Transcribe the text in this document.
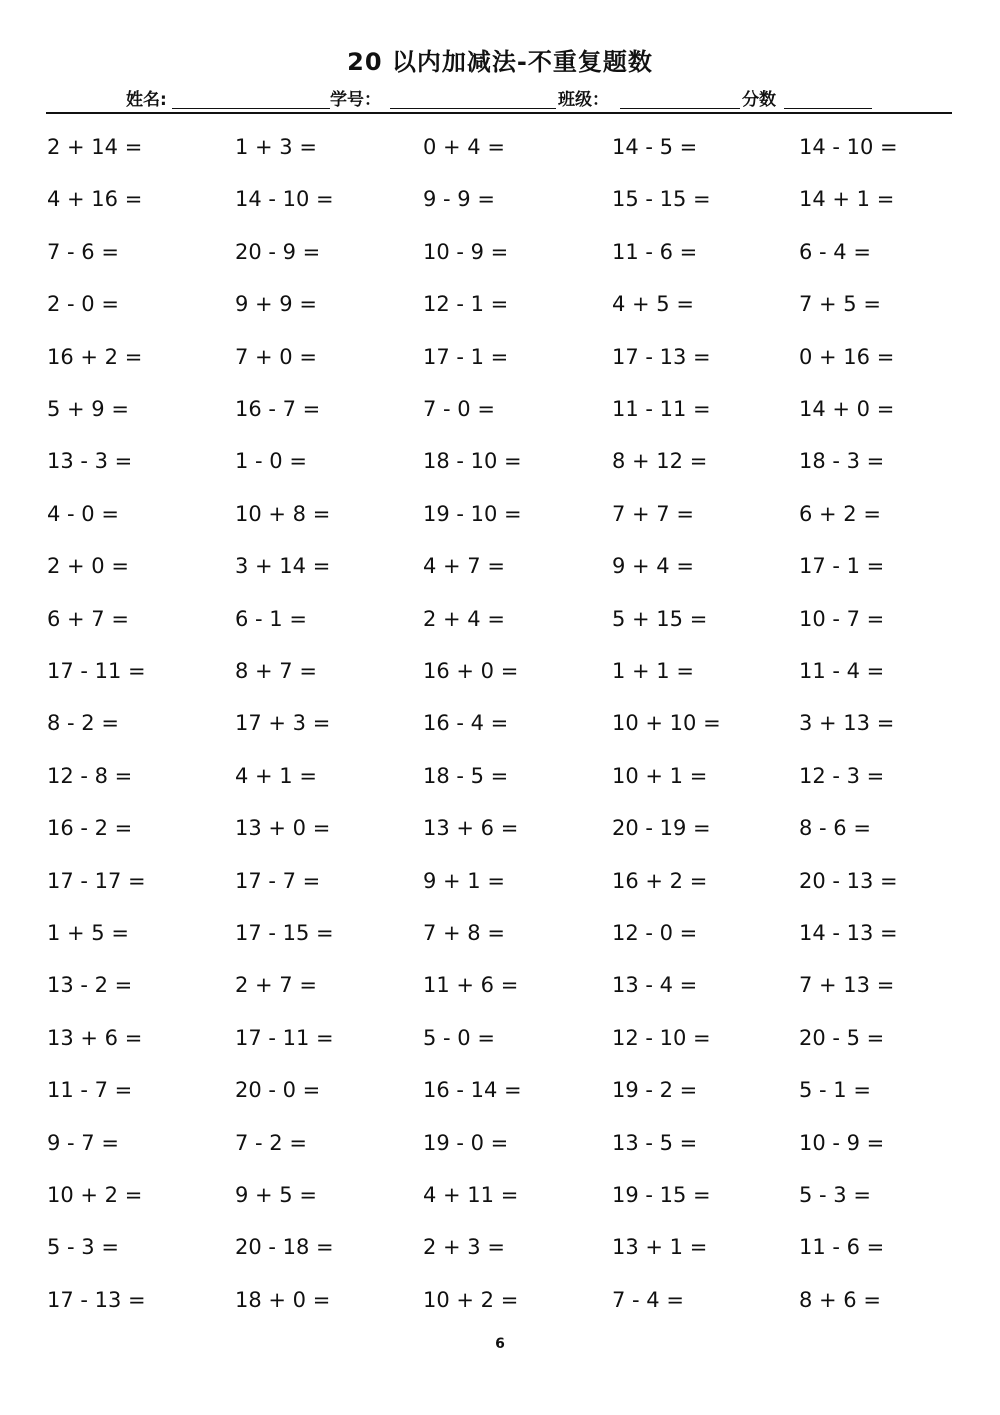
20 以内加减法-不重复题数
姓名:	学号：	班级：	分数
2 + 14 =	1 + 3 =	0 + 4 =	14 - 5 =	14 - 10 =
4 + 16 =	14 - 10 =	9 - 9 =	15 - 15 =	14 + 1 =
7 - 6 =	20 - 9 =	10 - 9 =	11 - 6 =	6 - 4 =
2 - 0 =	9 + 9 =	12 - 1 =	4 + 5 =	7 + 5 =
16 + 2 =	7 + 0 =	17 - 1 =	17 - 13 =	0 + 16 =
5 + 9 =	16 - 7 =	7 - 0 =	11 - 11 =	14 + 0 =
13 - 3 =	1 - 0 =	18 - 10 =	8 + 12 =	18 - 3 =
4 - 0 =	10 + 8 =	19 - 10 =	7 + 7 =	6 + 2 =
2 + 0 =	3 + 14 =	4 + 7 =	9 + 4 =	17 - 1 =
6 + 7 =	6 - 1 =	2 + 4 =	5 + 15 =	10 - 7 =
17 - 11 =	8 + 7 =	16 + 0 =	1 + 1 =	11 - 4 =
8 - 2 =	17 + 3 =	16 - 4 =	10 + 10 =	3 + 13 =
12 - 8 =	4 + 1 =	18 - 5 =	10 + 1 =	12 - 3 =
16 - 2 =	13 + 0 =	13 + 6 =	20 - 19 =	8 - 6 =
17 - 17 =	17 - 7 =	9 + 1 =	16 + 2 =	20 - 13 =
1 + 5 =	17 - 15 =	7 + 8 =	12 - 0 =	14 - 13 =
13 - 2 =	2 + 7 =	11 + 6 =	13 - 4 =	7 + 13 =
13 + 6 =	17 - 11 =	5 - 0 =	12 - 10 =	20 - 5 =
11 - 7 =	20 - 0 =	16 - 14 =	19 - 2 =	5 - 1 =
9 - 7 =	7 - 2 =	19 - 0 =	13 - 5 =	10 - 9 =
10 + 2 =	9 + 5 =	4 + 11 =	19 - 15 =	5 - 3 =
5 - 3 =	20 - 18 =	2 + 3 =	13 + 1 =	11 - 6 =
17 - 13 =	18 + 0 =	10 + 2 =	7 - 4 =	8 + 6 =
6
